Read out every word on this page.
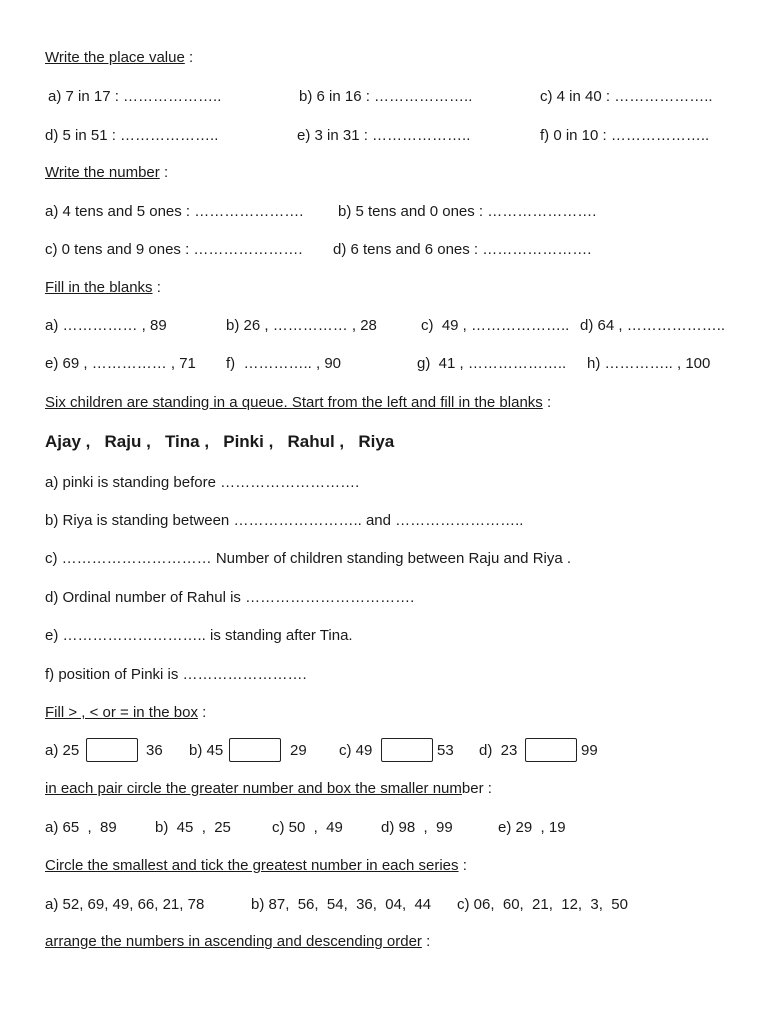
Write the place value :
a) 7 in 17 : ………………..	b) 6 in 16 : ………………..	c) 4 in 40 : ………………..
d) 5 in 51 : ………………..	e) 3 in 31 : ………………..	f) 0 in 10 : ………………..
Write the number :
a) 4 tens and 5 ones : …………………. b) 5 tens and 0 ones : ………………….
c) 0 tens and 9 ones : …………………. d) 6 tens and 6 ones : ………………….
Fill in the blanks :
a) …………… , 89	b) 26 , …………… , 28	c)  49 , ……………….. d) 64 , ………………..
e) 69 , …………… , 71 f)  ………….. , 90	g)  41 , ……………….. h) ………….. , 100
Six children are standing in a queue. Start from the left and fill in the blanks :
Ajay ,   Raju ,   Tina ,   Pinki ,   Rahul ,   Riya
a) pinki is standing before ……………………….
b) Riya is standing between …………………….. and ……………………..
c) ………………………… Number of children standing between Raju and Riya .
d) Ordinal number of Rahul is …………………………….
e) ……………………….. is standing after Tina.
f) position of Pinki is …………………….
Fill > , < or = in the box :
a) 25	36 b) 45	29 c) 49	53 d)  23	99
in each pair circle the greater number and box the smaller number :
a) 65  ,  89	b)  45  ,  25	c) 50  ,  49	d) 98  ,  99	e) 29  , 19
Circle the smallest and tick the greatest number in each series :
a) 52, 69, 49, 66, 21, 78	b) 87,  56,  54,  36,  04,  44 c) 06,  60,  21,  12,  3,  50
arrange the numbers in ascending and descending order :
